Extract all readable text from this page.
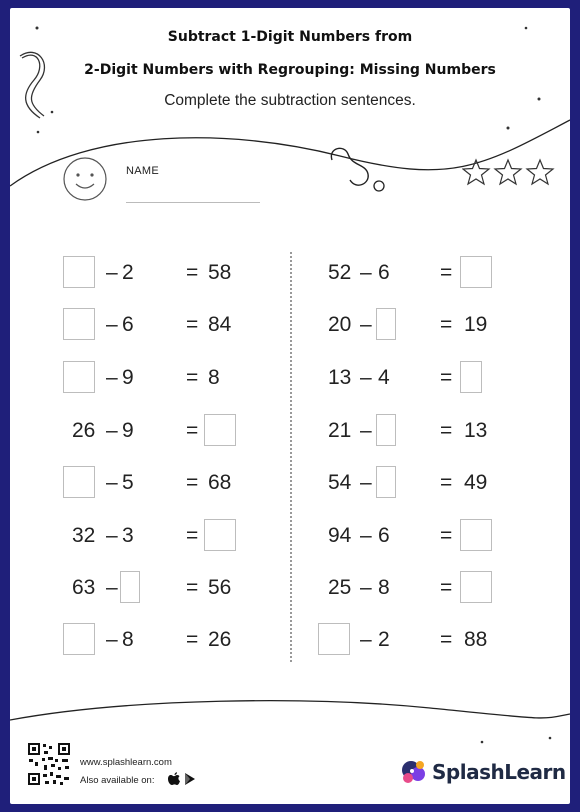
Subtract 1-Digit Numbers from
2-Digit Numbers with Regrouping: Missing Numbers
Complete the subtraction sentences.
NAME
– 2 = 58
– 6 = 84
– 9 = 8
26 – 9 =
– 5 = 68
32 – 3 =
63 –	= 56
– 8 = 26
52 – 6 =
20 –	= 19
13 – 4 =
21 –	= 13
54 –	= 49
94 – 6 =
25 – 8 =
– 2 = 88
www.splashlearn.com
Also available on:	SplashLearn
